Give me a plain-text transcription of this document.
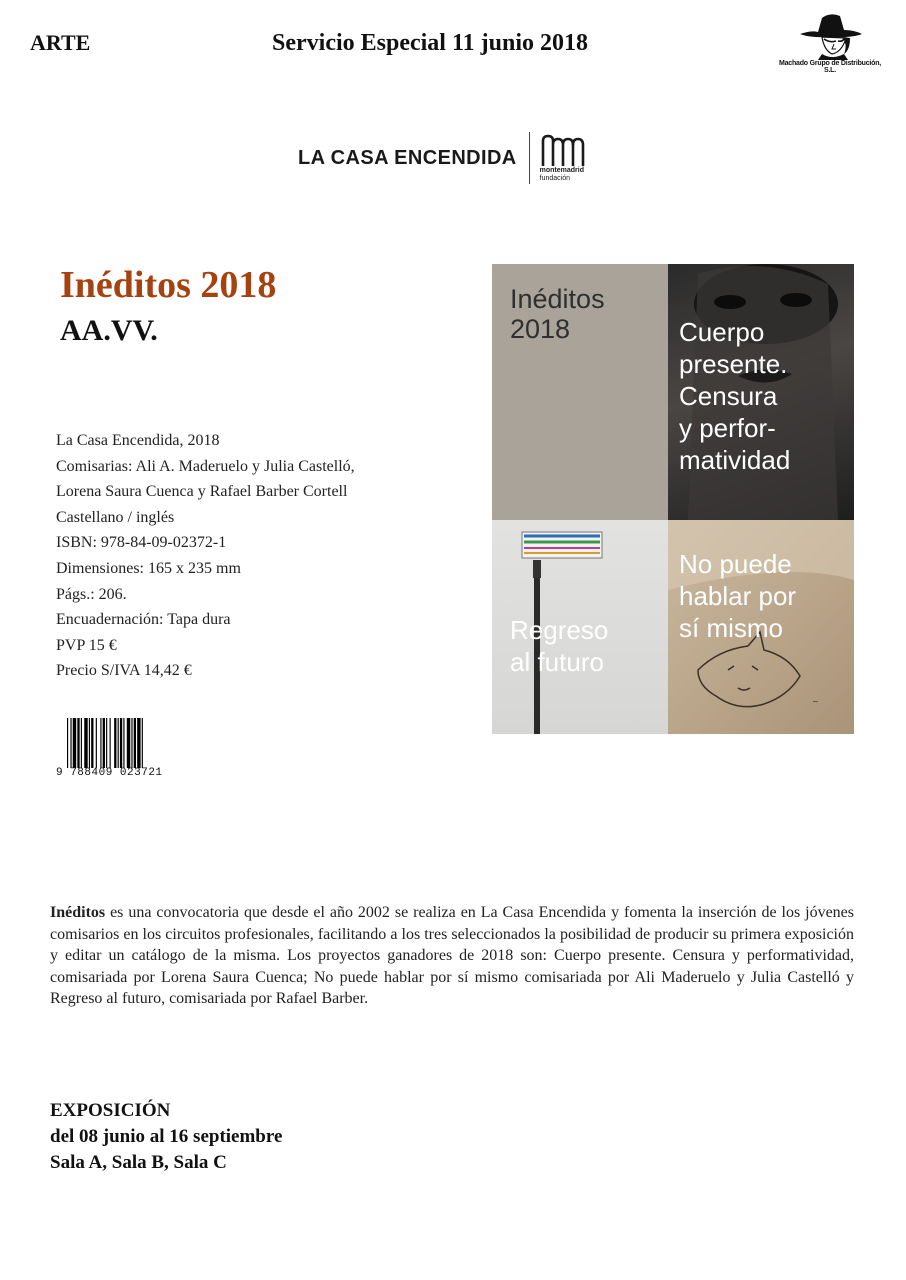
ARTE	Servicio Especial 11 junio 2018
Machado Grupo de Distribución, S.L.
LA CASA ENCENDIDA
montemadrid
fundación
Inéditos 2018
AA.VV.
La Casa Encendida, 2018
Comisarias: Ali A. Maderuelo y Julia Castelló,
Lorena Saura Cuenca y Rafael Barber Cortell
Castellano / inglés
ISBN: 978-84-09-02372-1
Dimensiones: 165 x 235 mm
Págs.: 206.
Encuadernación: Tapa dura
PVP 15 €
Precio S/IVA 14,42 €
9 788409 023721
Inéditos
2018	Cuerpo
presente.
Censura
y perfor-
matividad
Regreso
al futuro
~
No puede
hablar por
sí mismo
Inéditos es una convocatoria que desde el año 2002 se realiza en La Casa Encendida y fomenta la inserción de los jóvenes comisarios en los circuitos profesionales, facilitando a los tres seleccionados la posibilidad de producir su primera exposición y editar un catálogo de la misma. Los proyectos ganadores de 2018 son: Cuerpo presente. Censura y performatividad, comisariada por Lorena Saura Cuenca; No puede hablar por sí mismo comisariada por Ali Maderuelo y Julia Castelló y Regreso al futuro, comisariada por Rafael Barber.
EXPOSICIÓN
del 08 junio al 16 septiembre
Sala A, Sala B, Sala C
